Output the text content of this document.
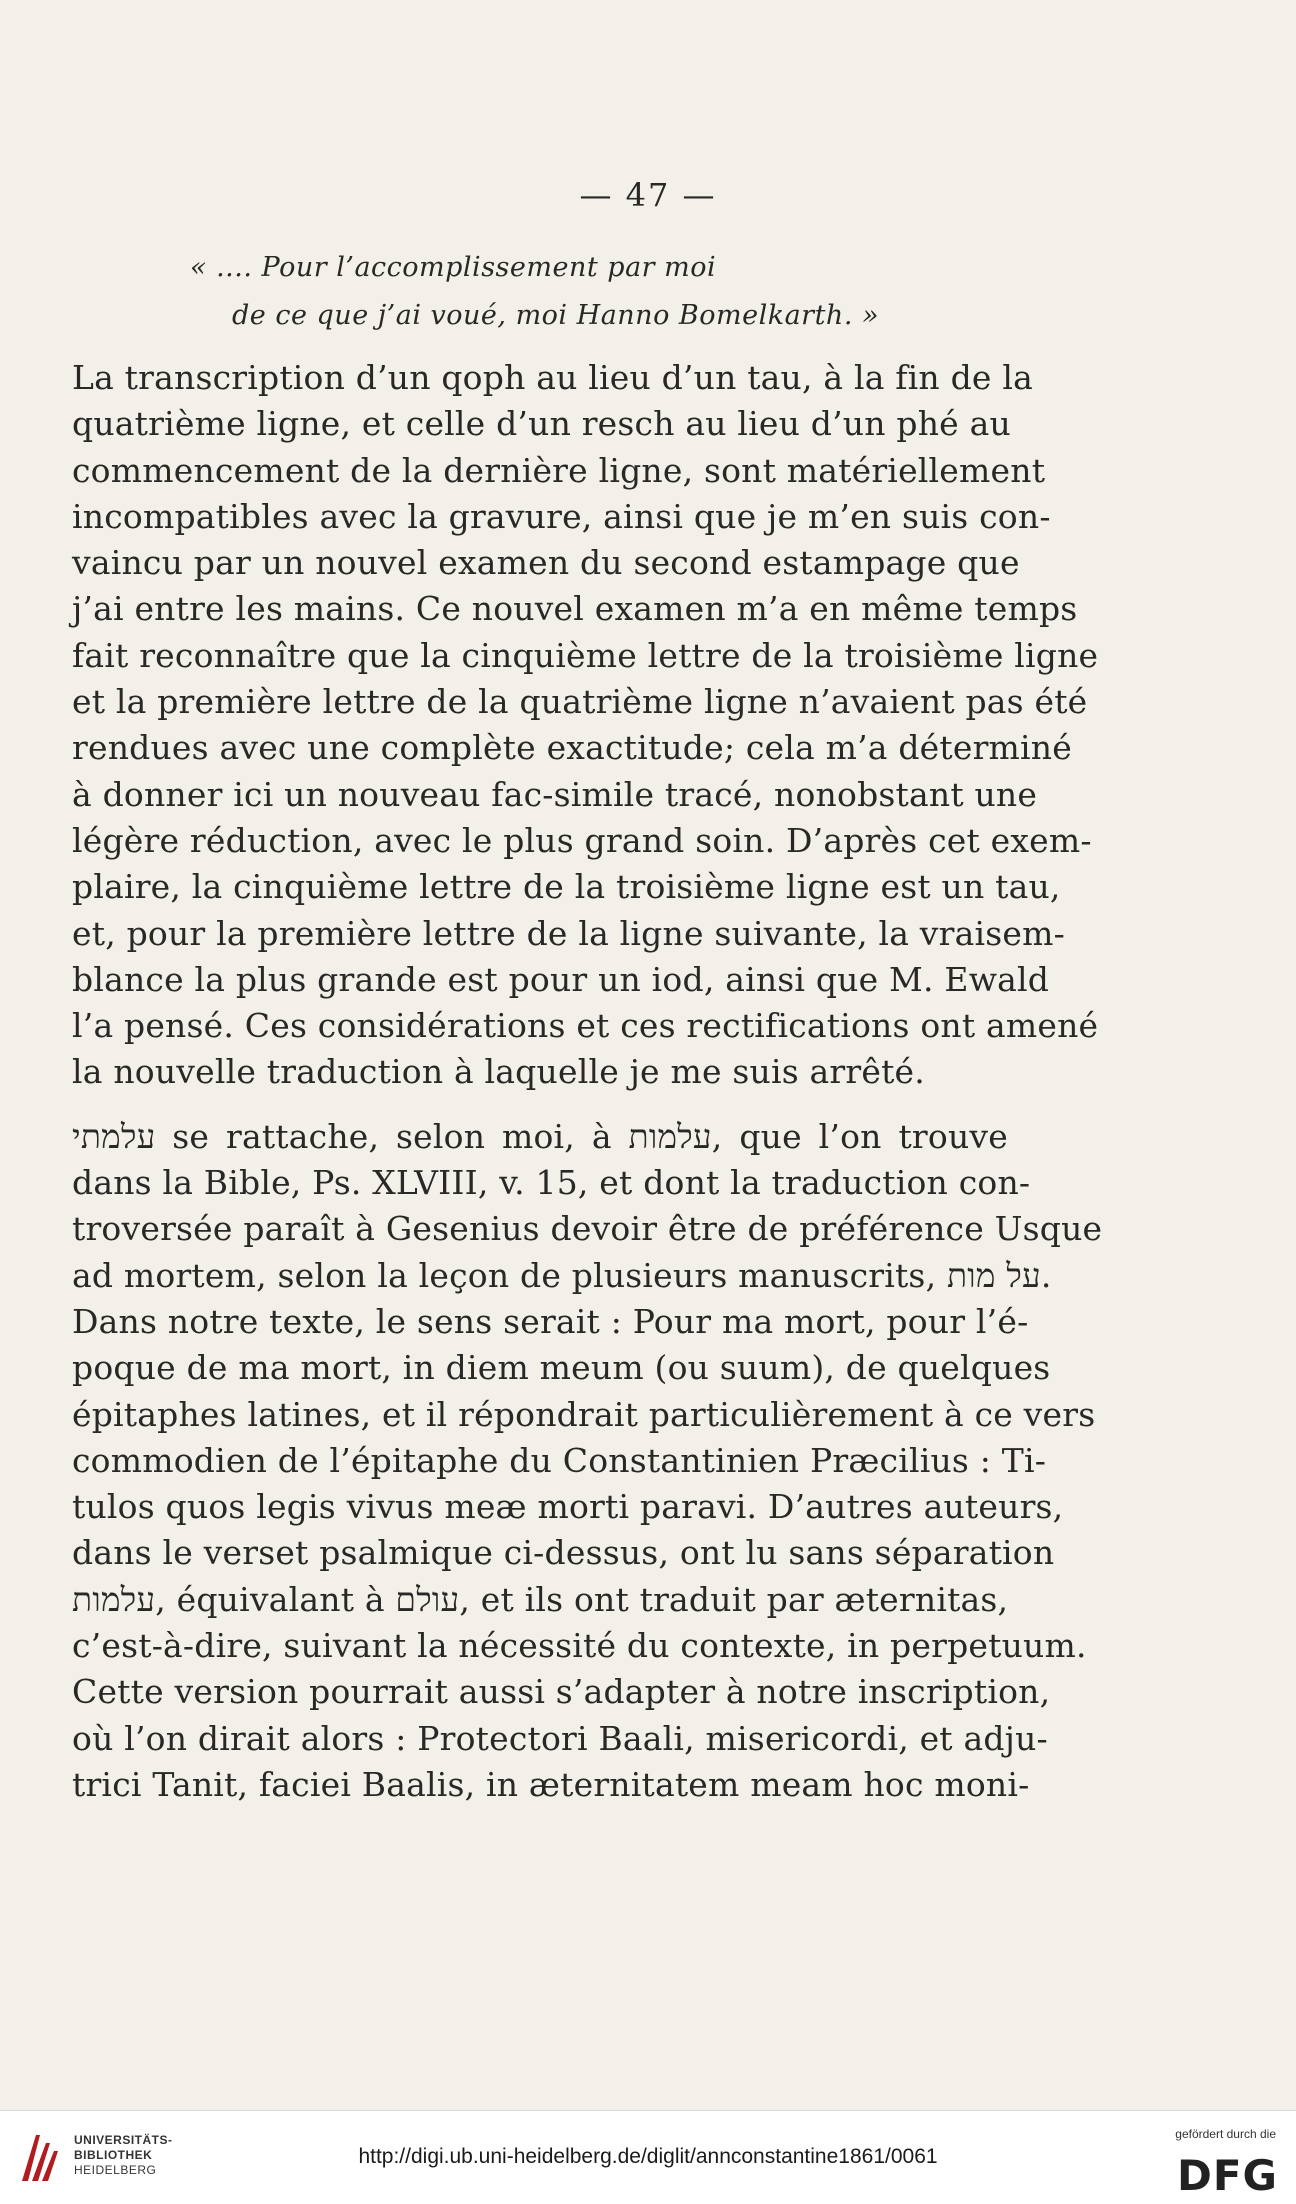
— 47 —
« .... Pour l’accomplissement par moi
de ce que j’ai voué, moi Hanno Bomelkarth. »
La transcription d’un qoph au lieu d’un tau, à la fin de la
quatrième ligne, et celle d’un resch au lieu d’un phé au
commencement de la dernière ligne, sont matériellement
incompatibles avec la gravure, ainsi que je m’en suis con-
vaincu par un nouvel examen du second estampage que
j’ai entre les mains. Ce nouvel examen m’a en même temps
fait reconnaître que la cinquième lettre de la troisième ligne
et la première lettre de la quatrième ligne n’avaient pas été
rendues avec une complète exactitude; cela m’a déterminé
à donner ici un nouveau fac-simile tracé, nonobstant une
légère réduction, avec le plus grand soin. D’après cet exem-
plaire, la cinquième lettre de la troisième ligne est un tau,
et, pour la première lettre de la ligne suivante, la vraisem-
blance la plus grande est pour un iod, ainsi que M. Ewald
l’a pensé. Ces considérations et ces rectifications ont amené
la nouvelle traduction à laquelle je me suis arrêté.
עלמתי se rattache, selon moi, à עלמות, que l’on trouve
dans la Bible, Ps. XLVIII, v. 15, et dont la traduction con-
troversée paraît à Gesenius devoir être de préférence Usque
ad mortem, selon la leçon de plusieurs manuscrits, על מות.
Dans notre texte, le sens serait : Pour ma mort, pour l’é-
poque de ma mort, in diem meum (ou suum), de quelques
épitaphes latines, et il répondrait particulièrement à ce vers
commodien de l’épitaphe du Constantinien Præcilius : Ti-
tulos quos legis vivus meæ morti paravi. D’autres auteurs,
dans le verset psalmique ci-dessus, ont lu sans séparation
עלמות, équivalant à עולם, et ils ont traduit par æternitas,
c’est-à-dire, suivant la nécessité du contexte, in perpetuum.
Cette version pourrait aussi s’adapter à notre inscription,
où l’on dirait alors : Protectori Baali, misericordi, et adju-
trici Tanit, faciei Baalis, in æternitatem meam hoc moni-
UNIVERSITÄTS-
BIBLIOTHEK
HEIDELBERG
http://digi.ub.uni-heidelberg.de/diglit/annconstantine1861/0061
gefördert durch die
DFG
